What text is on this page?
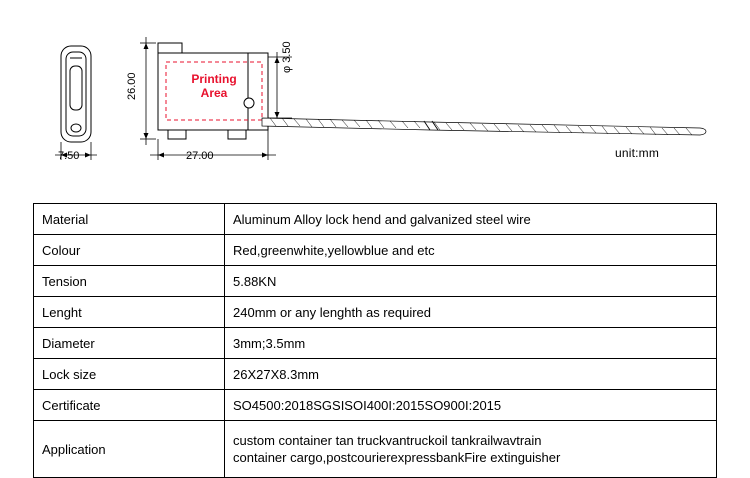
Printing
Area
26.00
27.00
7.50
φ 3.50
unit:mm
Material	Aluminum Alloy lock hend and galvanized steel wire
Colour	Red,greenwhite,yellowblue and etc
Tension	5.88KN
Lenght	240mm or any lenghth as required
Diameter	3mm;3.5mm
Lock size	26X27X8.3mm
Certificate	SO4500:2018SGSISOI400I:2015SO900I:2015
Application	custom container tan truckvantruckoil tankrailwavtrain
container cargo,postcourierexpressbankFire extinguisher
